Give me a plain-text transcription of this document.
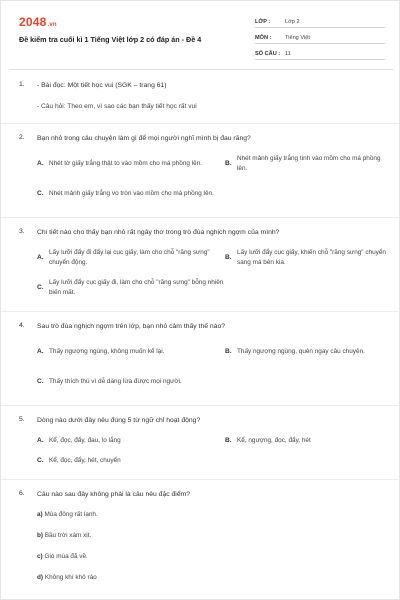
2048.vn
Đề kiểm tra cuối kì 1 Tiếng Việt lớp 2 có đáp án - Đề 4
LỚP :	Lớp 2
MÔN :	Tiếng Việt
SỐ CÂU : 11
1. - Bài đọc: Một tiết học vui (SGK – trang 61)
- Câu hỏi: Theo em, vì sao các bạn thấy tiết học rất vui
2. Bạn nhỏ trong câu chuyện làm gì để mọi người nghĩ mình bị đau răng?
A. Nhét tờ giấy trắng thật to vào mồm cho má phồng lên.	B.
Nhét mảnh giấy trắng tinh vào mồm cho má phồng lên.
C. Nhét mảnh giấy trắng vo tròn vào mồm cho má phồng lên.
3. Chi tiết nào cho thấy bạn nhỏ rất ngây thơ trong trò đùa nghịch ngợm của mình?
A.
Lấy lưỡi đẩy đi đẩy lại cục giấy, làm cho chỗ "răng sưng" chuyển động.
B.
Lấy lưỡi đẩy cục giấy, khiến chỗ "răng sưng" chuyển sang má bên kia.
C.
Lấy lưỡi đẩy cục giấy đi, làm cho chỗ "răng sưng" bỗng nhiên biến mất.
4. Sau trò đùa nghịch ngợm trên lớp, bạn nhỏ cảm thấy thế nào?
A. Thấy ngượng ngùng, không muốn kể lại.	B. Thấy ngượng ngùng, quên ngay câu chuyện.
C. Thấy thích thú vì dễ dàng lừa được mọi người.
5. Dòng nào dưới đây nêu đúng 5 từ ngữ chỉ hoạt động?
A. Kể, đọc, đẩy, đau, lo lắng	B. Kể, ngượng, đọc, đẩy, hét
C. Kể, đọc, đẩy, hét, chuyển
6. Câu nào sau đây không phải là câu nêu đặc điểm?
a) Mùa đông rất lạnh.
b) Bầu trời xám xịt.
c) Gió mùa đã về.
d) Không khí khô ráo
